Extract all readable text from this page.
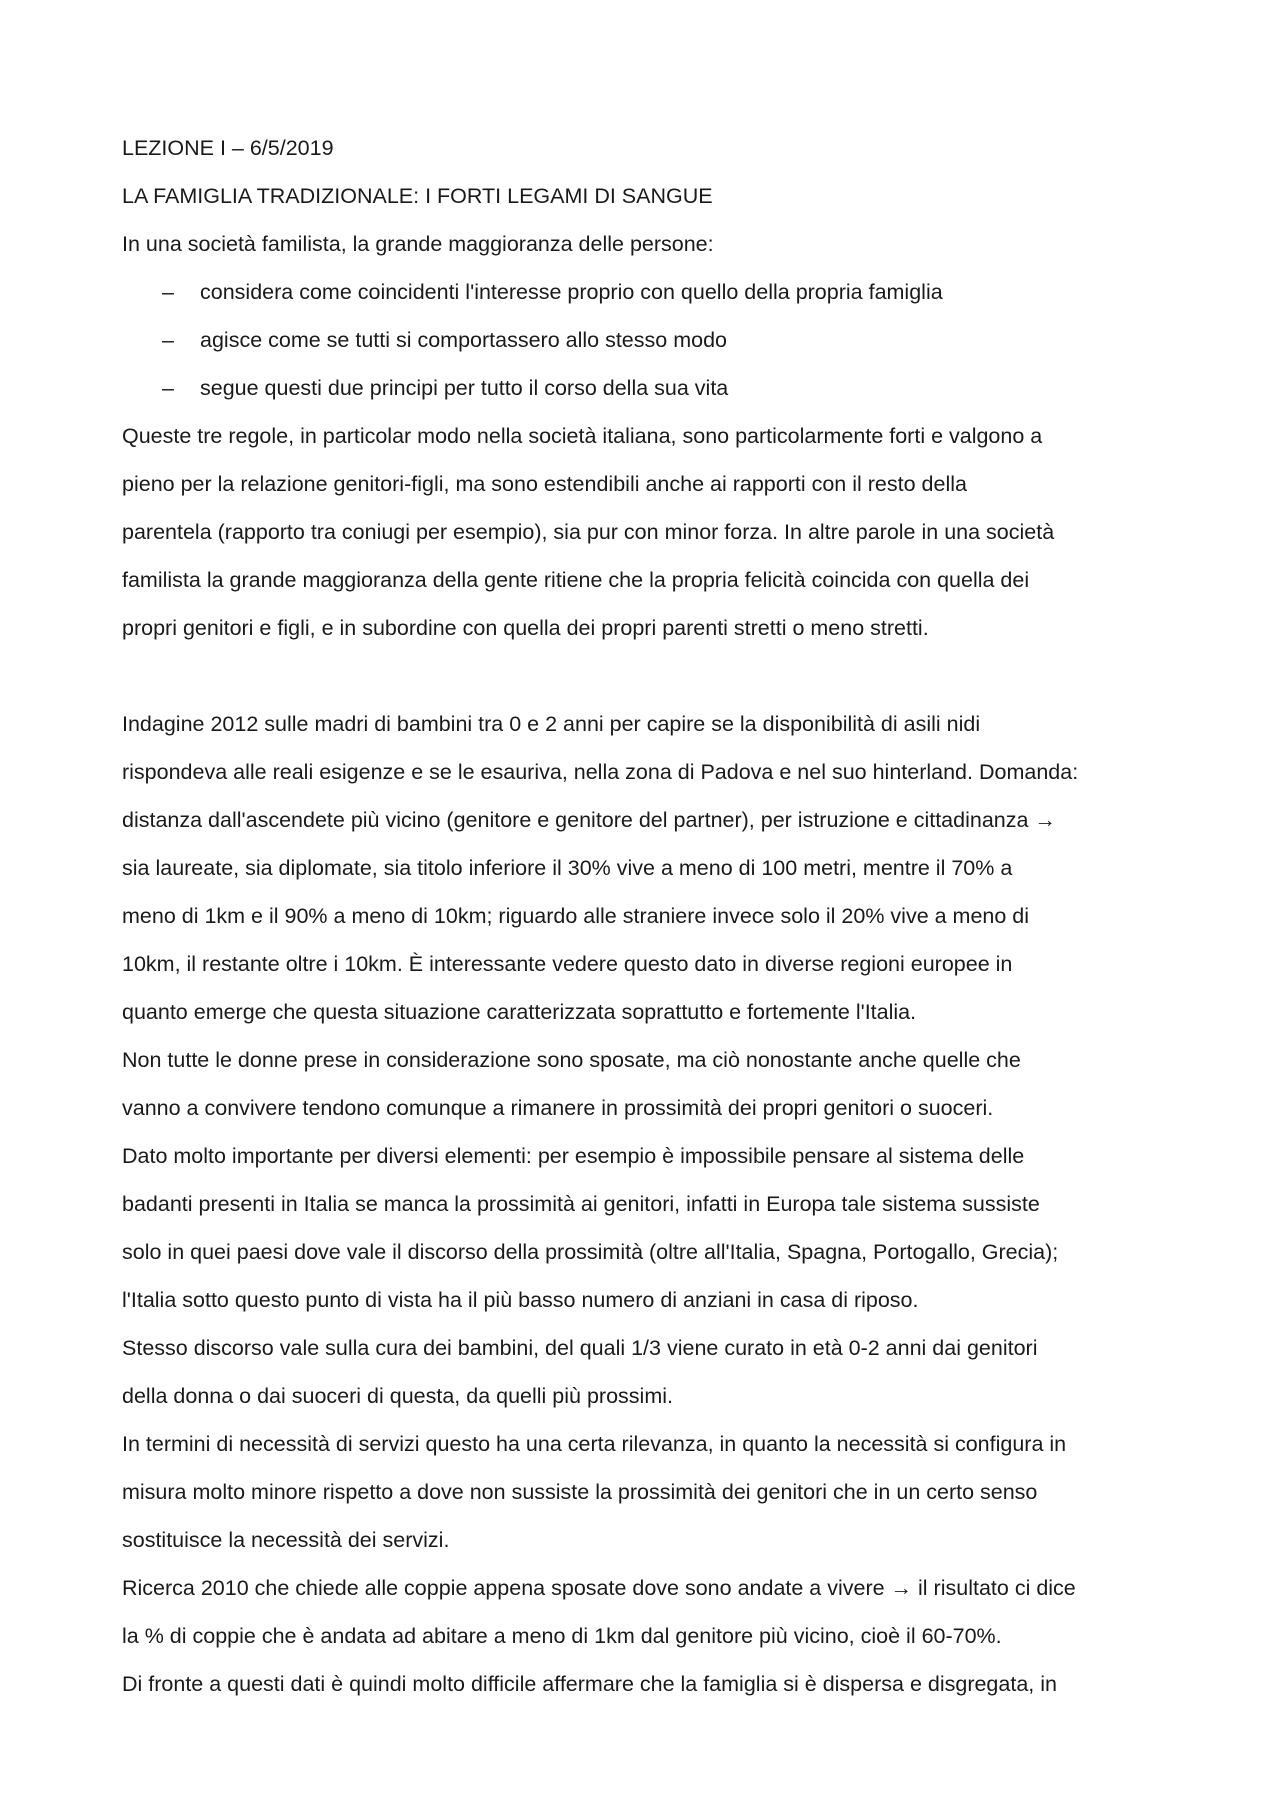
LEZIONE I – 6/5/2019
LA FAMIGLIA TRADIZIONALE: I FORTI LEGAMI DI SANGUE
In una società familista, la grande maggioranza delle persone:
– considera come coincidenti l'interesse proprio con quello della propria famiglia
– agisce come se tutti si comportassero allo stesso modo
– segue questi due principi per tutto il corso della sua vita
Queste tre regole, in particolar modo nella società italiana, sono particolarmente forti e valgono a
pieno per la relazione genitori-figli, ma sono estendibili anche ai rapporti con il resto della
parentela (rapporto tra coniugi per esempio), sia pur con minor forza. In altre parole in una società
familista la grande maggioranza della gente ritiene che la propria felicità coincida con quella dei
propri genitori e figli, e in subordine con quella dei propri parenti stretti o meno stretti.
Indagine 2012 sulle madri di bambini tra 0 e 2 anni per capire se la disponibilità di asili nidi
rispondeva alle reali esigenze e se le esauriva, nella zona di Padova e nel suo hinterland. Domanda:
distanza dall'ascendete più vicino (genitore e genitore del partner), per istruzione e cittadinanza →
sia laureate, sia diplomate, sia titolo inferiore il 30% vive a meno di 100 metri, mentre il 70% a
meno di 1km e il 90% a meno di 10km; riguardo alle straniere invece solo il 20% vive a meno di
10km, il restante oltre i 10km. È interessante vedere questo dato in diverse regioni europee in
quanto emerge che questa situazione caratterizzata soprattutto e fortemente l'Italia.
Non tutte le donne prese in considerazione sono sposate, ma ciò nonostante anche quelle che
vanno a convivere tendono comunque a rimanere in prossimità dei propri genitori o suoceri.
Dato molto importante per diversi elementi: per esempio è impossibile pensare al sistema delle
badanti presenti in Italia se manca la prossimità ai genitori, infatti in Europa tale sistema sussiste
solo in quei paesi dove vale il discorso della prossimità (oltre all'Italia, Spagna, Portogallo, Grecia);
l'Italia sotto questo punto di vista ha il più basso numero di anziani in casa di riposo.
Stesso discorso vale sulla cura dei bambini, del quali 1/3 viene curato in età 0-2 anni dai genitori
della donna o dai suoceri di questa, da quelli più prossimi.
In termini di necessità di servizi questo ha una certa rilevanza, in quanto la necessità si configura in
misura molto minore rispetto a dove non sussiste la prossimità dei genitori che in un certo senso
sostituisce la necessità dei servizi.
Ricerca 2010 che chiede alle coppie appena sposate dove sono andate a vivere → il risultato ci dice
la % di coppie che è andata ad abitare a meno di 1km dal genitore più vicino, cioè il 60-70%.
Di fronte a questi dati è quindi molto difficile affermare che la famiglia si è dispersa e disgregata, in
